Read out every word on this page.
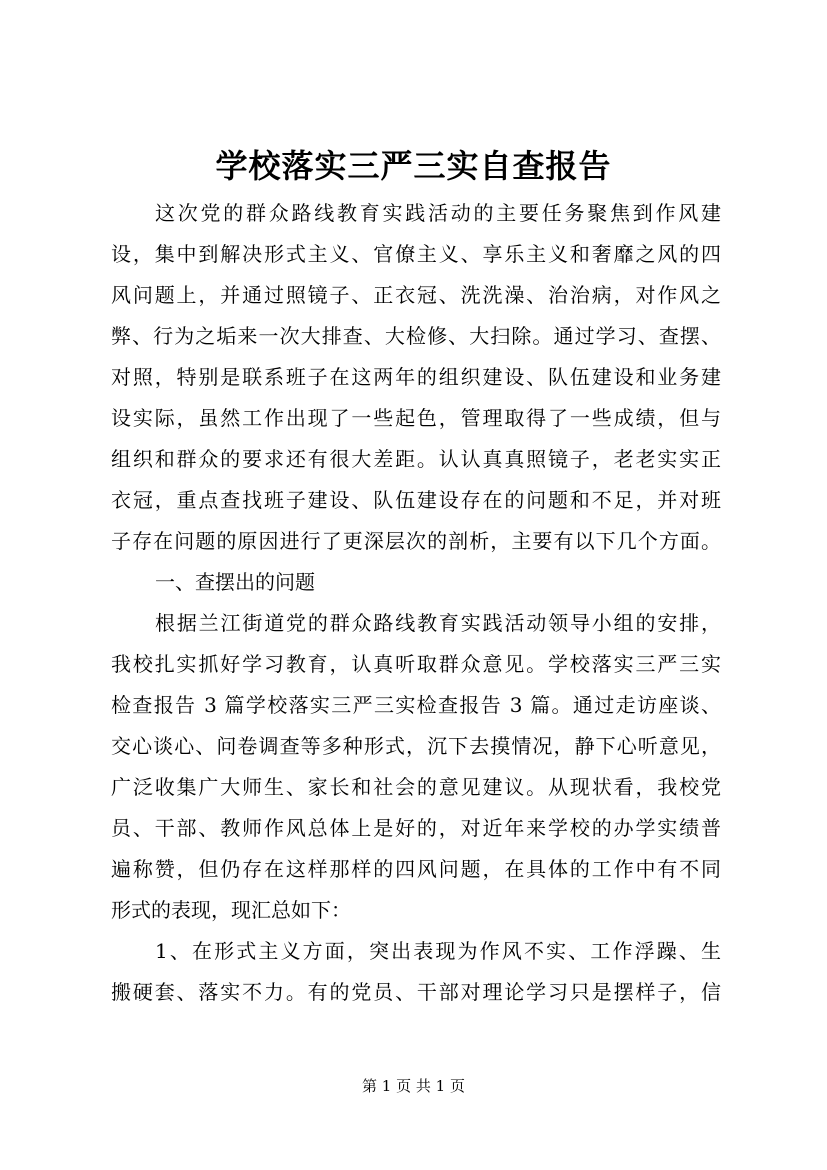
学校落实三严三实自查报告
这次党的群众路线教育实践活动的主要任务聚焦到作风建
设，集中到解决形式主义、官僚主义、享乐主义和奢靡之风的四
风问题上，并通过照镜子、正衣冠、洗洗澡、治治病，对作风之
弊、行为之垢来一次大排查、大检修、大扫除。通过学习、查摆、
对照，特别是联系班子在这两年的组织建设、队伍建设和业务建
设实际，虽然工作出现了一些起色，管理取得了一些成绩，但与
组织和群众的要求还有很大差距。认认真真照镜子，老老实实正
衣冠，重点查找班子建设、队伍建设存在的问题和不足，并对班
子存在问题的原因进行了更深层次的剖析，主要有以下几个方面。
一、查摆出的问题
根据兰江街道党的群众路线教育实践活动领导小组的安排，
我校扎实抓好学习教育，认真听取群众意见。学校落实三严三实
检查报告 3 篇学校落实三严三实检查报告 3 篇。通过走访座谈、
交心谈心、问卷调查等多种形式，沉下去摸情况，静下心听意见，
广泛收集广大师生、家长和社会的意见建议。从现状看，我校党
员、干部、教师作风总体上是好的，对近年来学校的办学实绩普
遍称赞，但仍存在这样那样的四风问题，在具体的工作中有不同
形式的表现，现汇总如下：
1、在形式主义方面，突出表现为作风不实、工作浮躁、生
搬硬套、落实不力。有的党员、干部对理论学习只是摆样子，信
第 1 页 共 1 页
